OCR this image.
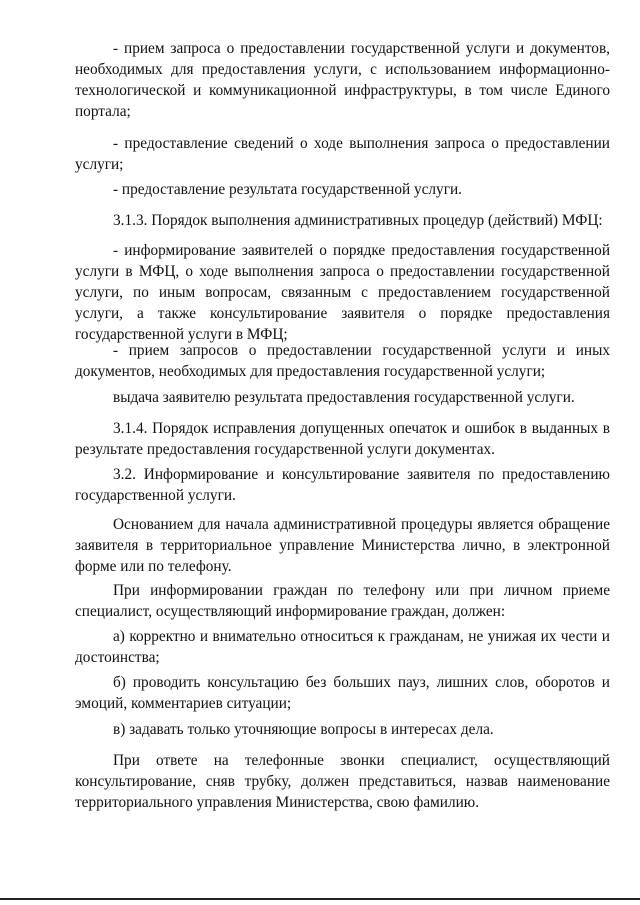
- прием запроса о предоставлении государственной услуги и документов, необходимых для предоставления услуги, с использованием информационно-технологической и коммуникационной инфраструктуры, в том числе Единого портала;

- предоставление сведений о ходе выполнения запроса о предоставлении услуги;

- предоставление результата государственной услуги.

3.1.3. Порядок выполнения административных процедур (действий) МФЦ:

- информирование заявителей о порядке предоставления государственной услуги в МФЦ, о ходе выполнения запроса о предоставлении государственной услуги, по иным вопросам, связанным с предоставлением государственной услуги, а также консультирование заявителя о порядке предоставления государственной услуги в МФЦ;

- прием запросов о предоставлении государственной услуги и иных документов, необходимых для предоставления государственной услуги;

выдача заявителю результата предоставления государственной услуги.

3.1.4. Порядок исправления допущенных опечаток и ошибок в выданных в результате предоставления государственной услуги документах.

3.2. Информирование и консультирование заявителя по предоставлению государственной услуги.

Основанием для начала административной процедуры является обращение заявителя в территориальное управление Министерства лично, в электронной форме или по телефону.

При информировании граждан по телефону или при личном приеме специалист, осуществляющий информирование граждан, должен:

а) корректно и внимательно относиться к гражданам, не унижая их чести и достоинства;

б) проводить консультацию без больших пауз, лишних слов, оборотов и эмоций, комментариев ситуации;

в) задавать только уточняющие вопросы в интересах дела.

При ответе на телефонные звонки специалист, осуществляющий консультирование, сняв трубку, должен представиться, назвав наименование территориального управления Министерства, свою фамилию.
